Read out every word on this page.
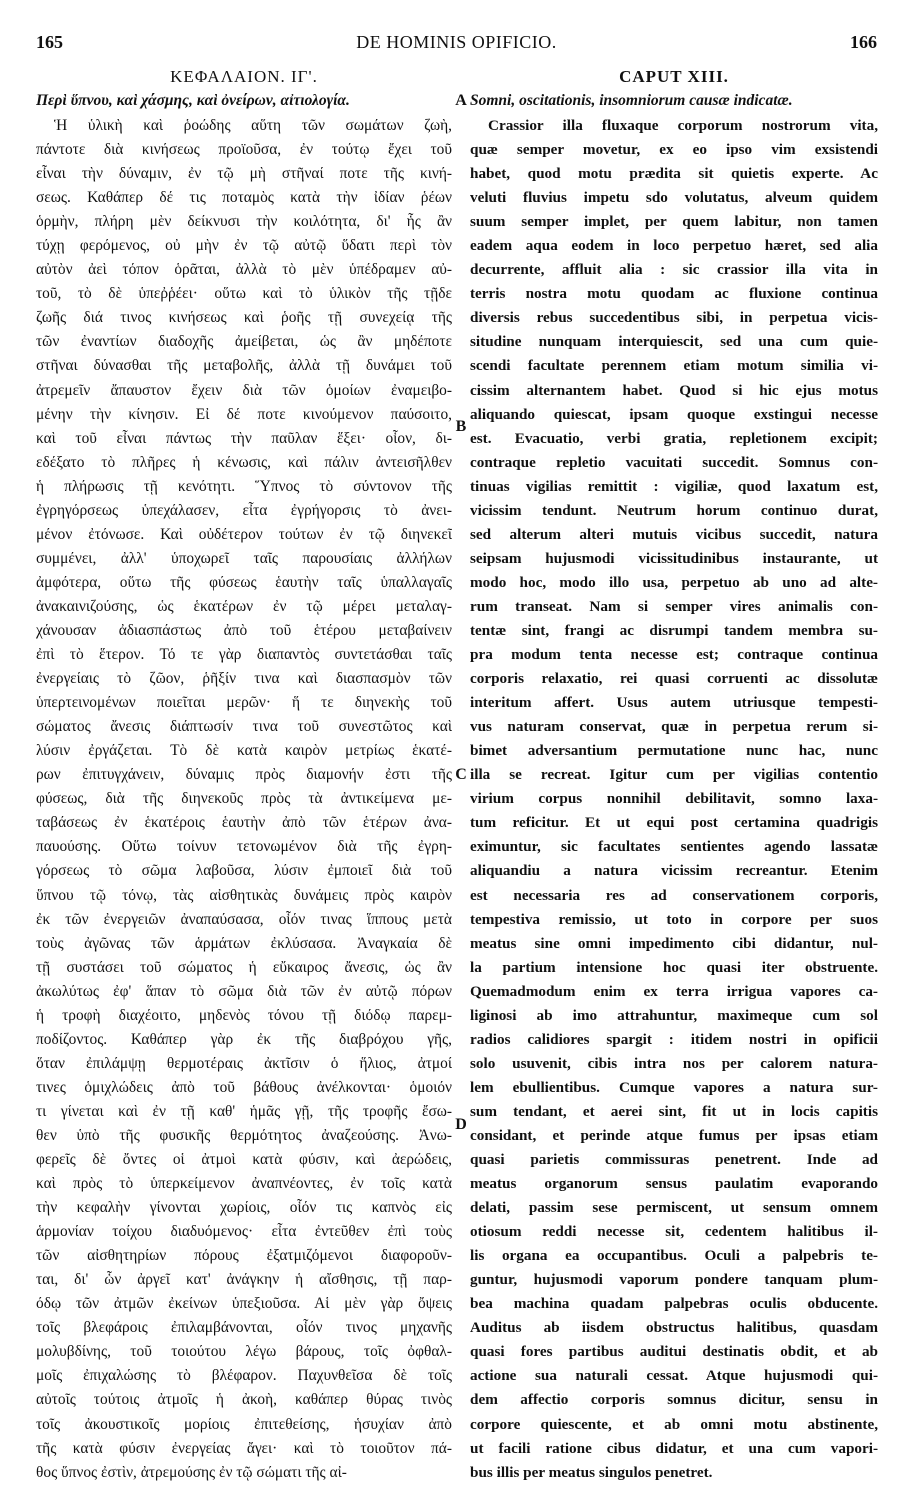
165	DE HOMINIS OPIFICIO.	166
ΚΕΦΑΛΑΙΟΝ. ΙΓ'.
Περὶ ὕπνου, καὶ χάσμης, καὶ ὀνείρων, αἰτιολογία.
Ἡ ὑλικὴ καὶ ῥοώδης αὕτη τῶν σωμάτων ζωὴ,
πάντοτε διὰ κινήσεως προϊοῦσα, ἐν τούτῳ ἔχει τοῦ
εἶναι τὴν δύναμιν, ἐν τῷ μὴ στῆναί ποτε τῆς κινή-
σεως. Καθάπερ δέ τις ποταμὸς κατὰ τὴν ἰδίαν ῥέων
ὁρμὴν, πλήρη μὲν δείκνυσι τὴν κοιλότητα, δι' ἧς ἂν
τύχῃ φερόμενος, οὐ μὴν ἐν τῷ αὐτῷ ὕδατι περὶ τὸν
αὐτὸν ἀεὶ τόπον ὁρᾶται, ἀλλὰ τὸ μὲν ὑπέδραμεν αὐ-
τοῦ, τὸ δὲ ὑπεῤῥέει· οὕτω καὶ τὸ ὑλικὸν τῆς τῇδε
ζωῆς διά τινος κινήσεως καὶ ῥοῆς τῇ συνεχείᾳ τῆς
τῶν ἐναντίων διαδοχῆς ἀμείβεται, ὡς ἂν μηδέποτε
στῆναι δύνασθαι τῆς μεταβολῆς, ἀλλὰ τῇ δυνάμει τοῦ
ἀτρεμεῖν ἄπαυστον ἔχειν διὰ τῶν ὁμοίων ἐναμειβο-
μένην τὴν κίνησιν. Εἰ δέ ποτε κινούμενον παύσοιτο,
καὶ τοῦ εἶναι πάντως τὴν παῦλαν ἕξει· οἷον, δι-
εδέξατο τὸ πλῆρες ἡ κένωσις, καὶ πάλιν ἀντεισῆλθεν
ἡ πλήρωσις τῇ κενότητι. Ὕπνος τὸ σύντονον τῆς
ἐγρηγόρσεως ὑπεχάλασεν, εἶτα ἐγρήγορσις τὸ ἀνει-
μένον ἐτόνωσε. Καὶ οὐδέτερον τούτων ἐν τῷ διηνεκεῖ
συμμένει, ἀλλ' ὑποχωρεῖ ταῖς παρουσίαις ἀλλήλων
ἀμφότερα, οὕτω τῆς φύσεως ἑαυτὴν ταῖς ὑπαλλαγαῖς
ἀνακαινιζούσης, ὡς ἑκατέρων ἐν τῷ μέρει μεταλαγ-
χάνουσαν ἀδιασπάστως ἀπὸ τοῦ ἑτέρου μεταβαίνειν
ἐπὶ τὸ ἕτερον. Τό τε γὰρ διαπαντὸς συντετάσθαι ταῖς
ἐνεργείαις τὸ ζῶον, ῥῆξίν τινα καὶ διασπασμὸν τῶν
ὑπερτεινομένων ποιεῖται μερῶν· ἥ τε διηνεκὴς τοῦ
σώματος ἄνεσις διάπτωσίν τινα τοῦ συνεστῶτος καὶ
λύσιν ἐργάζεται. Τὸ δὲ κατὰ καιρὸν μετρίως ἑκατέ-
ρων ἐπιτυγχάνειν, δύναμις πρὸς διαμονήν ἐστι τῆς
φύσεως, διὰ τῆς διηνεκοῦς πρὸς τὰ ἀντικείμενα με-
ταβάσεως ἐν ἑκατέροις ἑαυτὴν ἀπὸ τῶν ἑτέρων ἀνα-
παυούσης. Οὕτω τοίνυν τετονωμένον διὰ τῆς ἐγρη-
γόρσεως τὸ σῶμα λαβοῦσα, λύσιν ἐμποιεῖ διὰ τοῦ
ὕπνου τῷ τόνῳ, τὰς αἰσθητικὰς δυνάμεις πρὸς καιρὸν
ἐκ τῶν ἐνεργειῶν ἀναπαύσασα, οἷόν τινας ἵππους μετὰ
τοὺς ἀγῶνας τῶν ἁρμάτων ἐκλύσασα. Ἀναγκαία δὲ
τῇ συστάσει τοῦ σώματος ἡ εὔκαιρος ἄνεσις, ὡς ἂν
ἀκωλύτως ἐφ' ἅπαν τὸ σῶμα διὰ τῶν ἐν αὐτῷ πόρων
ἡ τροφὴ διαχέοιτο, μηδενὸς τόνου τῇ διόδῳ παρεμ-
ποδίζοντος. Καθάπερ γὰρ ἐκ τῆς διαβρόχου γῆς,
ὅταν ἐπιλάμψῃ θερμοτέραις ἀκτῖσιν ὁ ἥλιος, ἀτμοί
τινες ὁμιχλώδεις ἀπὸ τοῦ βάθους ἀνέλκονται· ὁμοιόν
τι γίνεται καὶ ἐν τῇ καθ' ἡμᾶς γῇ, τῆς τροφῆς ἔσω-
θεν ὑπὸ τῆς φυσικῆς θερμότητος ἀναζεούσης. Ἀνω-
φερεῖς δὲ ὄντες οἱ ἀτμοὶ κατὰ φύσιν, καὶ ἀερώδεις,
καὶ πρὸς τὸ ὑπερκείμενον ἀναπνέοντες, ἐν τοῖς κατὰ
τὴν κεφαλὴν γίνονται χωρίοις, οἷόν τις καπνὸς εἰς
ἁρμονίαν τοίχου διαδυόμενος· εἶτα ἐντεῦθεν ἐπὶ τοὺς
τῶν αἰσθητηρίων πόρους ἐξατμιζόμενοι διαφοροῦν-
ται, δι' ὧν ἀργεῖ κατ' ἀνάγκην ἡ αἴσθησις, τῇ παρ-
όδῳ τῶν ἀτμῶν ἐκείνων ὑπεξιοῦσα. Αἱ μὲν γὰρ ὄψεις
τοῖς βλεφάροις ἐπιλαμβάνονται, οἷόν τινος μηχανῆς
μολυβδίνης, τοῦ τοιούτου λέγω βάρους, τοῖς ὀφθαλ-
μοῖς ἐπιχαλώσης τὸ βλέφαρον. Παχυνθεῖσα δὲ τοῖς
αὐτοῖς τούτοις ἀτμοῖς ἡ ἀκοὴ, καθάπερ θύρας τινὸς
τοῖς ἀκουστικοῖς μορίοις ἐπιτεθείσης, ἡσυχίαν ἀπὸ
τῆς κατὰ φύσιν ἐνεργείας ἄγει· καὶ τὸ τοιοῦτον πά-
θος ὕπνος ἐστὶν, ἀτρεμούσης ἐν τῷ σώματι τῆς αἰ-
A
B
C
D
CAPUT XIII.
Somni, oscitationis, insomniorum causæ indicatæ.
Crassior illa fluxaque corporum nostrorum vita,
quæ semper movetur, ex eo ipso vim exsistendi
habet, quod motu prædita sit quietis experte. Ac
veluti fluvius impetu sdo volutatus, alveum quidem
suum semper implet, per quem labitur, non tamen
eadem aqua eodem in loco perpetuo hæret, sed alia
decurrente, affluit alia : sic crassior illa vita in
terris nostra motu quodam ac fluxione continua
diversis rebus succedentibus sibi, in perpetua vicis-
situdine nunquam interquiescit, sed una cum quie-
scendi facultate perennem etiam motum similia vi-
cissim alternantem habet. Quod si hic ejus motus
aliquando quiescat, ipsam quoque exstingui necesse
est. Evacuatio, verbi gratia, repletionem excipit;
contraque repletio vacuitati succedit. Somnus con-
tinuas vigilias remittit : vigiliæ, quod laxatum est,
vicissim tendunt. Neutrum horum continuo durat,
sed alterum alteri mutuis vicibus succedit, natura
seipsam hujusmodi vicissitudinibus instaurante, ut
modo hoc, modo illo usa, perpetuo ab uno ad alte-
rum transeat. Nam si semper vires animalis con-
tentæ sint, frangi ac disrumpi tandem membra su-
pra modum tenta necesse est; contraque continua
corporis relaxatio, rei quasi corruenti ac dissolutæ
interitum affert. Usus autem utriusque tempesti-
vus naturam conservat, quæ in perpetua rerum si-
bimet adversantium permutatione nunc hac, nunc
illa se recreat. Igitur cum per vigilias contentio
virium corpus nonnihil debilitavit, somno laxa-
tum reficitur. Et ut equi post certamina quadrigis
eximuntur, sic facultates sentientes agendo lassatæ
aliquandiu a natura vicissim recreantur. Etenim
est necessaria res ad conservationem corporis,
tempestiva remissio, ut toto in corpore per suos
meatus sine omni impedimento cibi didantur, nul-
la partium intensione hoc quasi iter obstruente.
Quemadmodum enim ex terra irrigua vapores ca-
liginosi ab imo attrahuntur, maximeque cum sol
radios calidiores spargit : itidem nostri in opificii
solo usuvenit, cibis intra nos per calorem natura-
lem ebullientibus. Cumque vapores a natura sur-
sum tendant, et aerei sint, fit ut in locis capitis
considant, et perinde atque fumus per ipsas etiam
quasi parietis commissuras penetrent. Inde ad
meatus organorum sensus paulatim evaporando
delati, passim sese permiscent, ut sensum omnem
otiosum reddi necesse sit, cedentem halitibus il-
lis organa ea occupantibus. Oculi a palpebris te-
guntur, hujusmodi vaporum pondere tanquam plum-
bea machina quadam palpebras oculis obducente.
Auditus ab iisdem obstructus halitibus, quasdam
quasi fores partibus auditui destinatis obdit, et ab
actione sua naturali cessat. Atque hujusmodi qui-
dem affectio corporis somnus dicitur, sensu in
corpore quiescente, et ab omni motu abstinente,
ut facili ratione cibus didatur, et una cum vapori-
bus illis per meatus singulos penetret.
